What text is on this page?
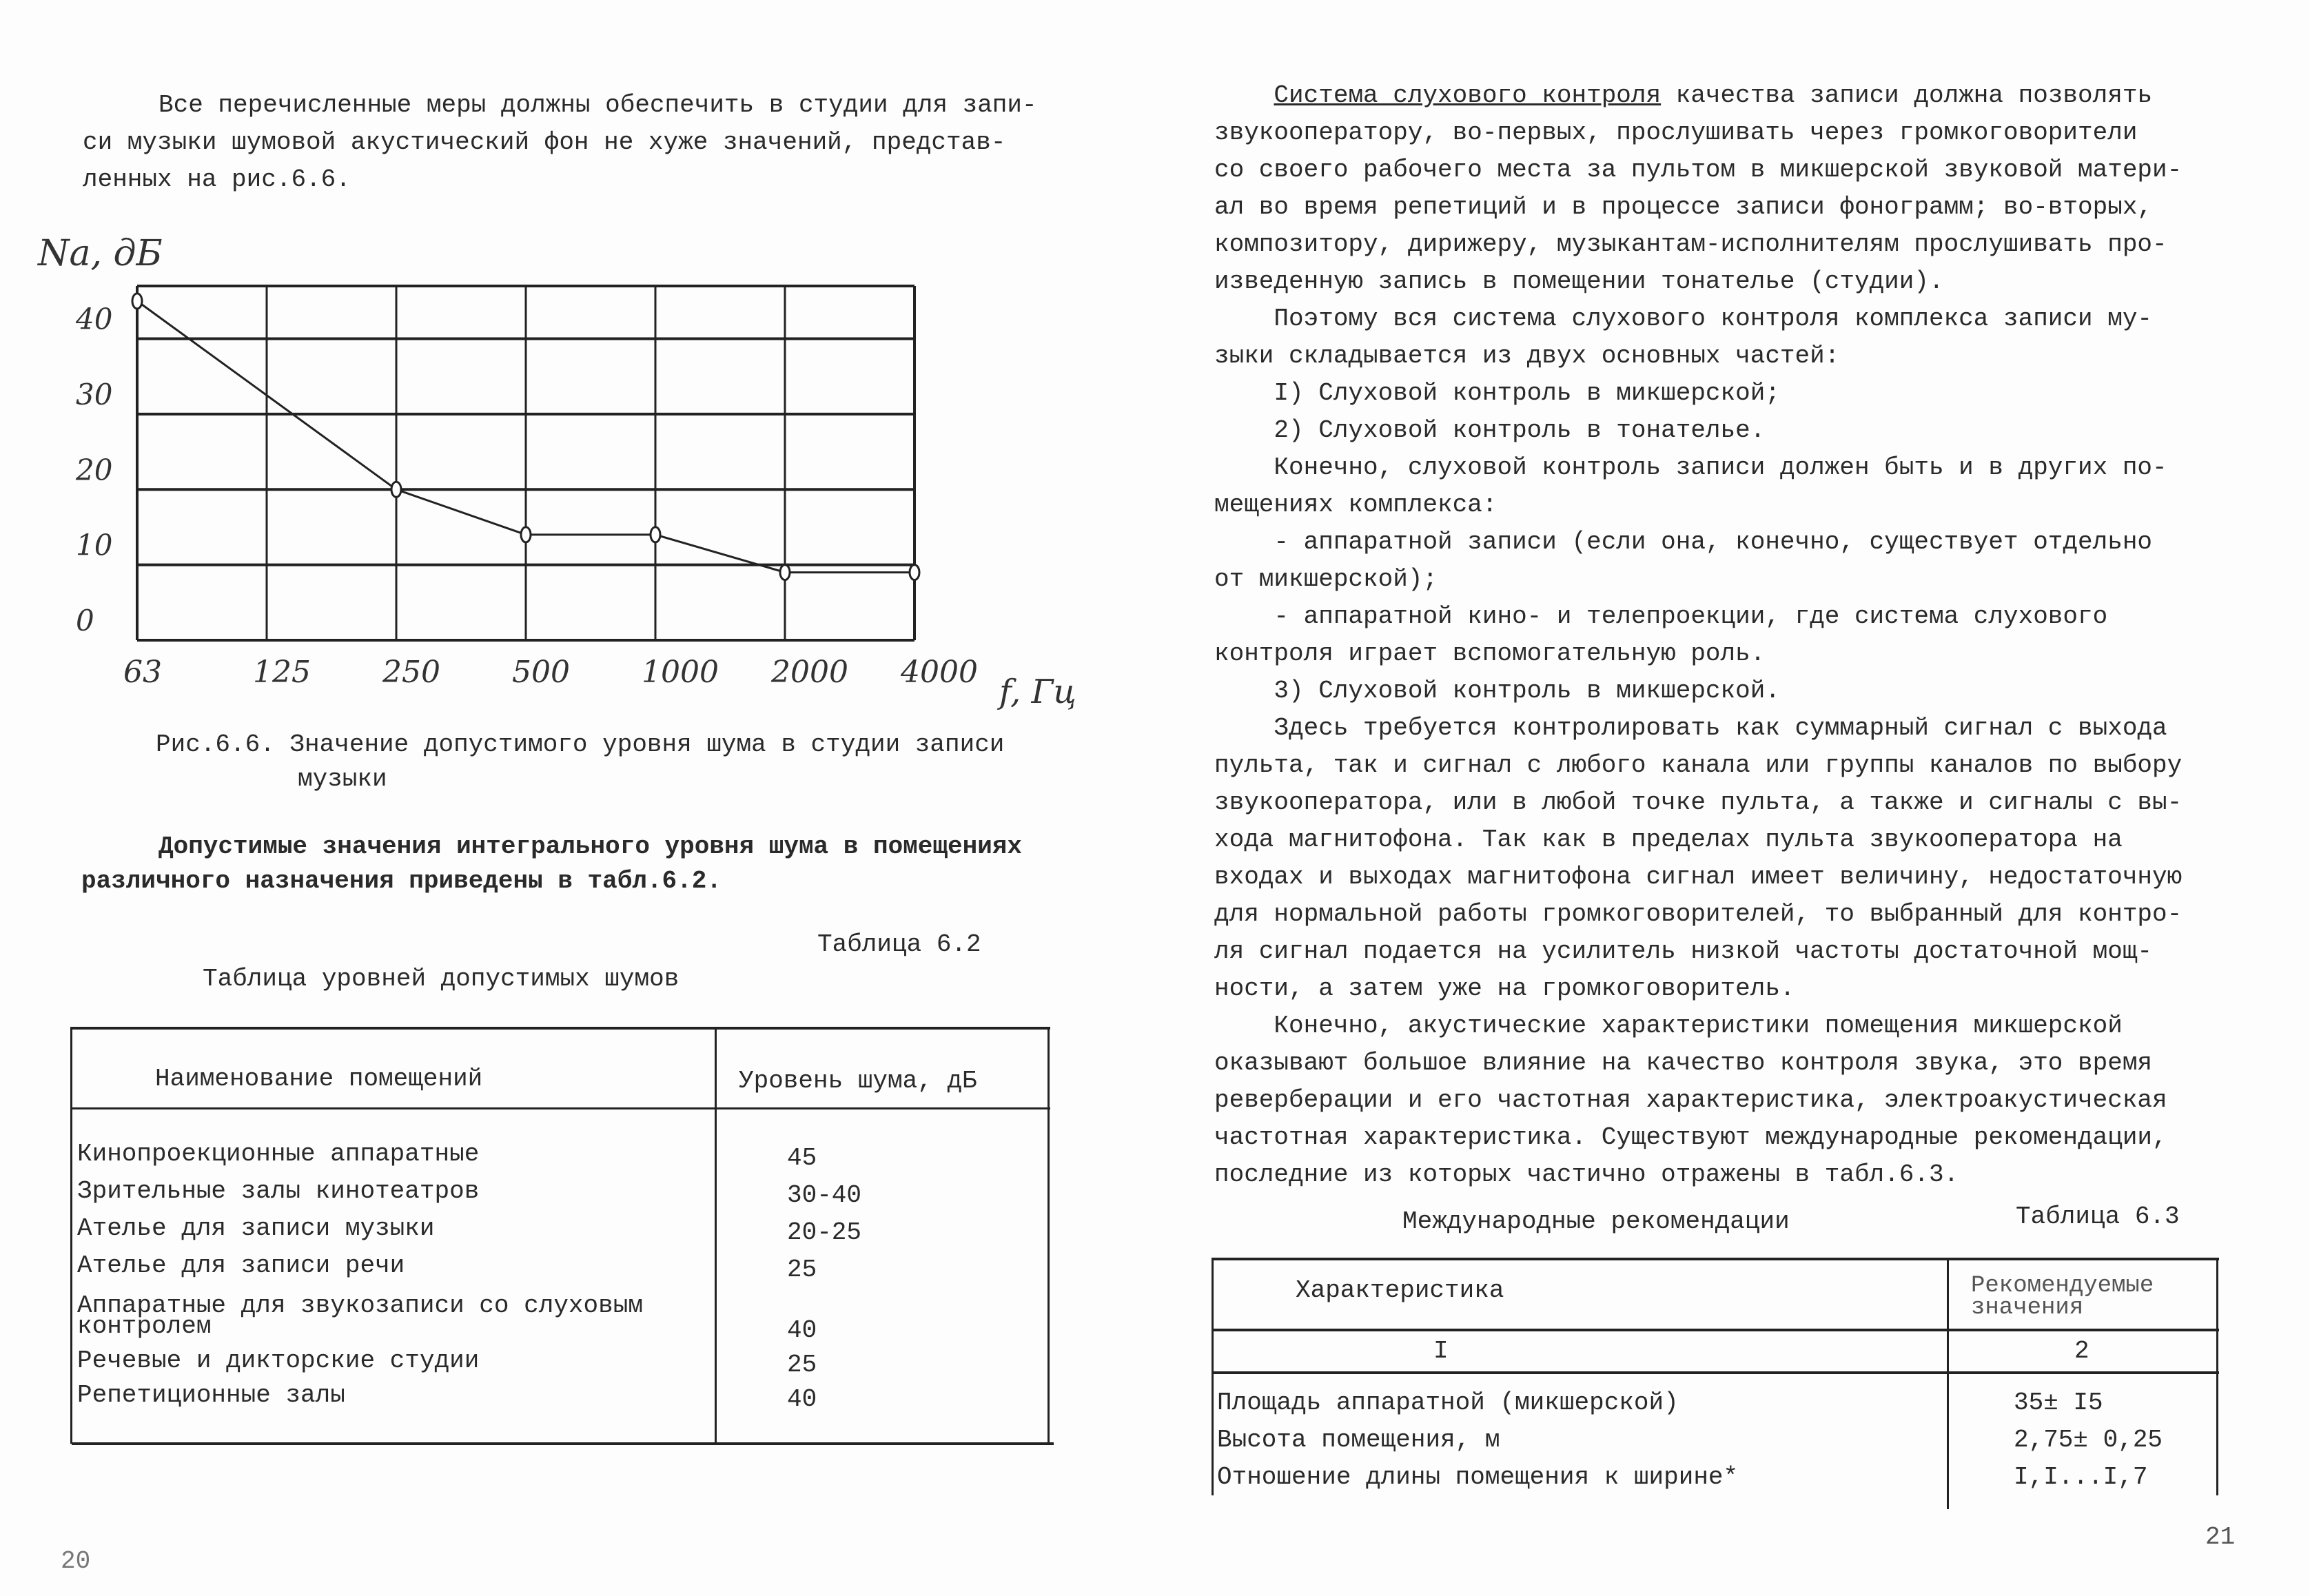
Все перечисленные меры должны обеспечить в студии для запи-
си музыки шумовой акустический фон не хуже значений, представ-
ленных на рис.6.6.
0
10
20
30
40
63	125 250 500 1000 2000 4000
Na, дБ
f, Гц
Рис.6.6. Значение допустимого уровня шума в студии записи
музыки
Допустимые значения интегрального уровня шума в помещениях
различного назначения приведены в табл.6.2.
Таблица 6.2
Таблица уровней допустимых шумов
Наименование помещений	Уровень шума, дБ
Кинопроекционные аппаратные	45
Зрительные залы кинотеатров	30-40
Ателье для записи музыки	20-25
Ателье для записи речи	25
Аппаратные для звукозаписи со слуховым
контролем	40
Речевые и дикторские студии	25
Репетиционные залы	40
20
Система слухового контроля качества записи должна позволять
звукооператору, во-первых, прослушивать через громкоговорители
со своего рабочего места за пультом в микшерской звуковой матери-
ал во время репетиций и в процессе записи фонограмм; во-вторых,
композитору, дирижеру, музыкантам-исполнителям прослушивать про-
изведенную запись в помещении тонателье (студии).
Поэтому вся система слухового контроля комплекса записи му-
зыки складывается из двух основных частей:
I) Слуховой контроль в микшерской;
2) Слуховой контроль в тонателье.
Конечно, слуховой контроль записи должен быть и в других по-
мещениях комплекса:
- аппаратной записи (если она, конечно, существует отдельно
от микшерской);
- аппаратной кино- и телепроекции, где система слухового
контроля играет вспомогательную роль.
3) Слуховой контроль в микшерской.
Здесь требуется контролировать как суммарный сигнал с выхода
пульта, так и сигнал с любого канала или группы каналов по выбору
звукооператора, или в любой точке пульта, а также и сигналы с вы-
хода магнитофона. Так как в пределах пульта звукооператора на
входах и выходах магнитофона сигнал имеет величину, недостаточную
для нормальной работы громкоговорителей, то выбранный для контро-
ля сигнал подается на усилитель низкой частоты достаточной мощ-
ности, а затем уже на громкоговоритель.
Конечно, акустические характеристики помещения микшерской
оказывают большое влияние на качество контроля звука, это время
реверберации и его частотная характеристика, электроакустическая
частотная характеристика. Существуют международные рекомендации,
последние из которых частично отражены в табл.6.3.
Международные рекомендации	Таблица 6.3
Характеристика	Рекомендуемые
значения
I	2
Площадь аппаратной (микшерской)	35± I5
Высота помещения, м	2,75± 0,25
Отношение длины помещения к ширине*	I,I...I,7
21
